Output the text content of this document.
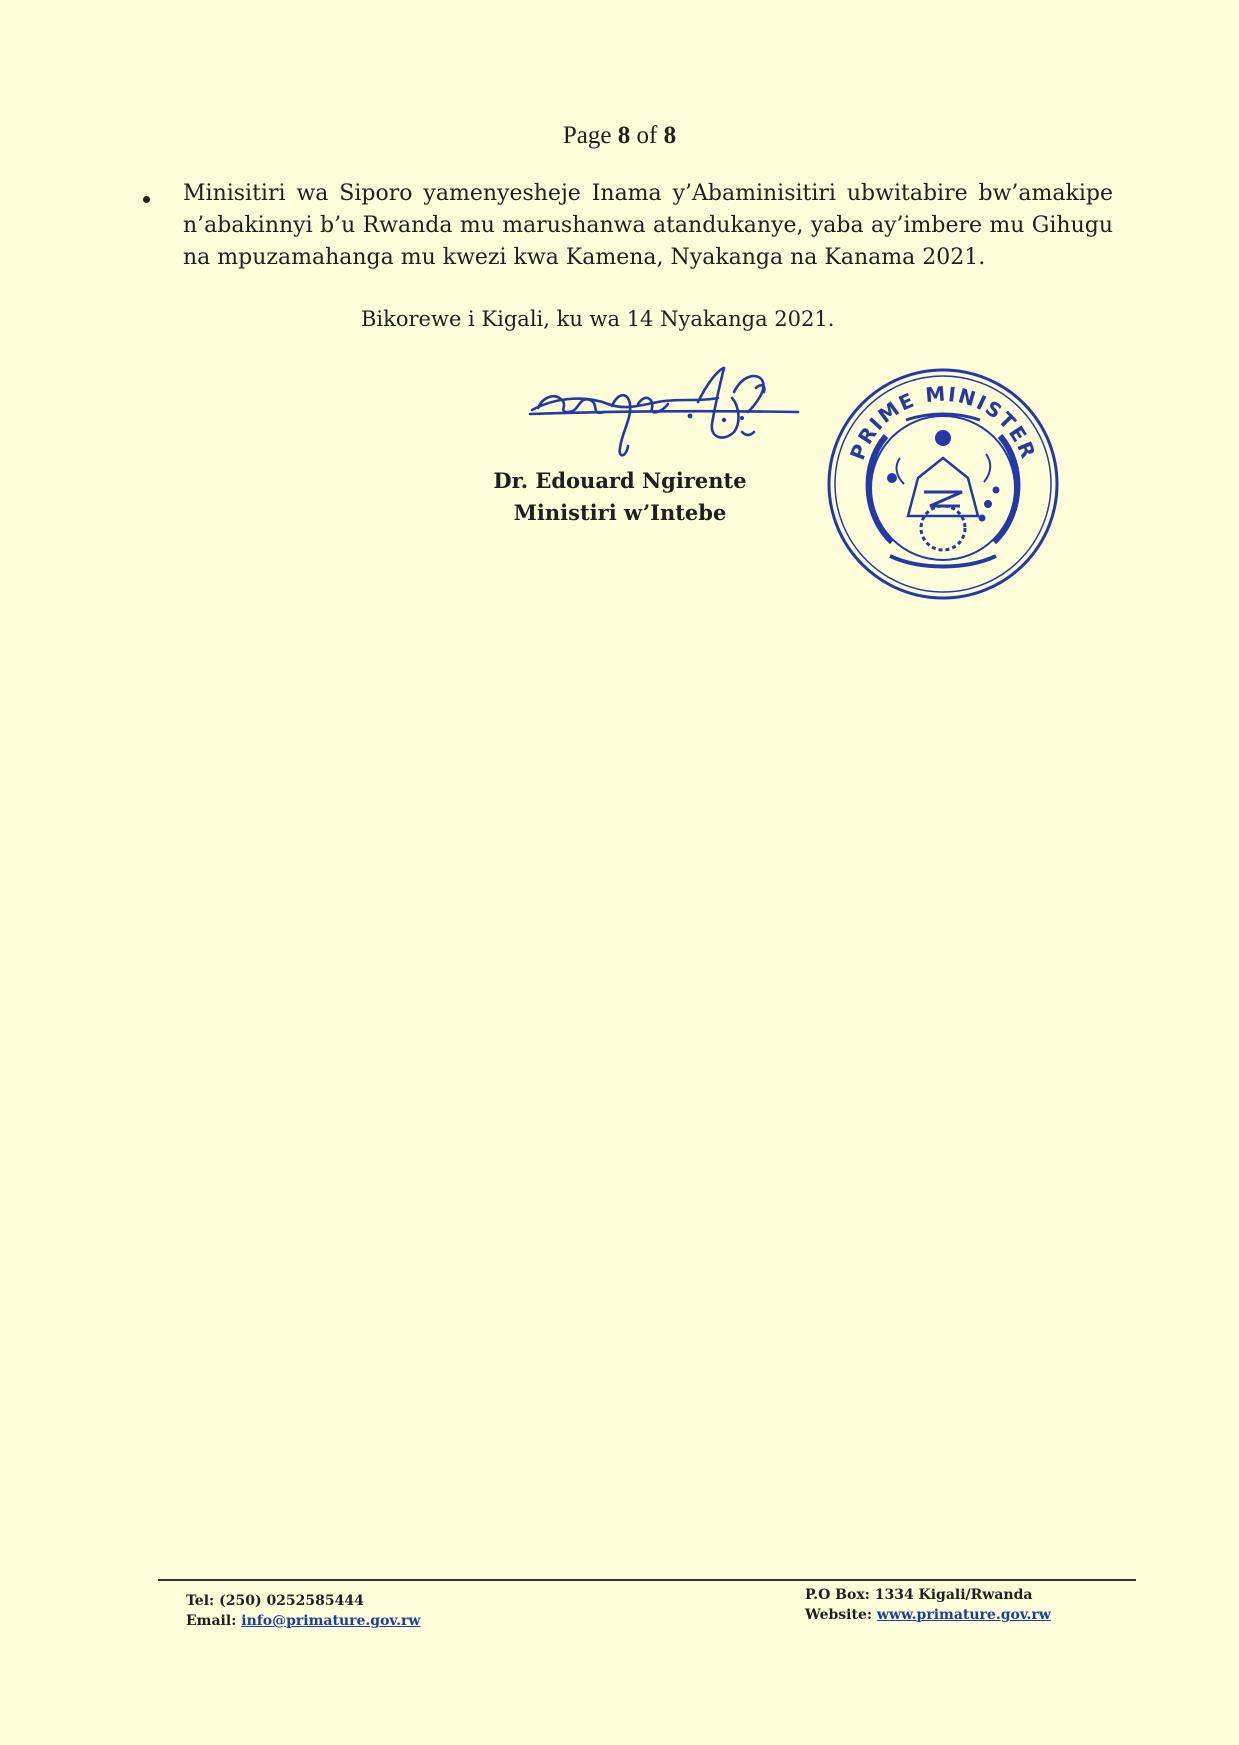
Page 8 of 8
Minisitiri wa Siporo yamenyesheje Inama y’Abaminisitiri ubwitabire bw’amakipe n’abakinnyi b’u Rwanda mu marushanwa atandukanye, yaba ay’imbere mu Gihugu na mpuzamahanga mu kwezi kwa Kamena, Nyakanga na Kanama 2021.
Bikorewe i Kigali, ku wa 14 Nyakanga 2021.
PRIME MINISTER
Dr. Edouard Ngirente
Ministiri w’Intebe
Tel: (250) 0252585444
Email: info@primature.gov.rw
P.O Box: 1334 Kigali/Rwanda
Website: www.primature.gov.rw
